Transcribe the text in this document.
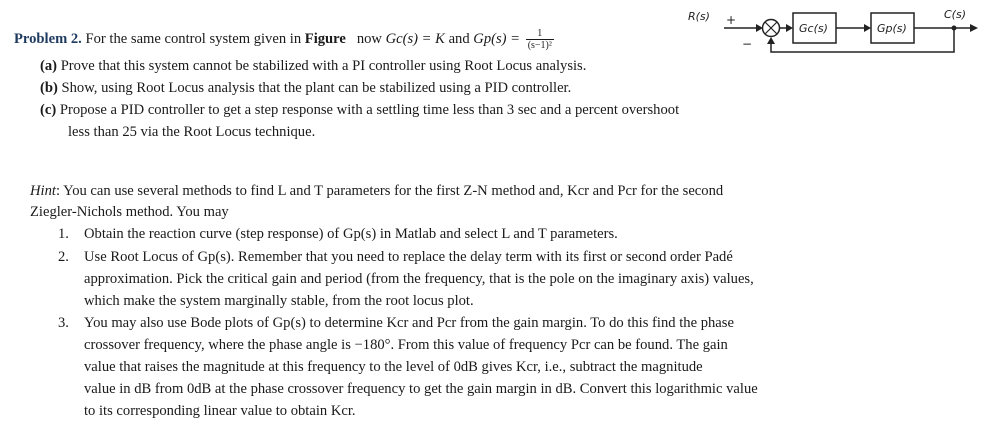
Problem 2. For the same control system given in Figure now Gc(s) = K and $Gp(s) = \frac{1}{\text{(s−1)²}}$
(a) Prove that this system cannot be stabilized with a PI controller using Root Locus analysis.
(b) Show, using Root Locus analysis that the plant can be stabilized using a PID controller.
(c) Propose a PID controller to get a step response with a settling time less than 3 sec and a percent overshoot
less than 25 via the Root Locus technique.
R(s) +
−
Gc(s)	Gp(s)
C(s)
Hint: You can use several methods to find L and T parameters for the first Z-N method and, Kcr and Pcr for the second
Ziegler-Nichols method. You may
1. Obtain the reaction curve (step response) of Gp(s) in Matlab and select L and T parameters.
2. Use Root Locus of Gp(s). Remember that you need to replace the delay term with its first or second order Padé
approximation. Pick the critical gain and period (from the frequency, that is the pole on the imaginary axis) values,
which make the system marginally stable, from the root locus plot.
3. You may also use Bode plots of Gp(s) to determine Kcr and Pcr from the gain margin. To do this find the phase
crossover frequency, where the phase angle is −180°. From this value of frequency Pcr can be found. The gain
value that raises the magnitude at this frequency to the level of 0dB gives Kcr, i.e., subtract the magnitude
value in dB from 0dB at the phase crossover frequency to get the gain margin in dB. Convert this logarithmic value
to its corresponding linear value to obtain Kcr.
